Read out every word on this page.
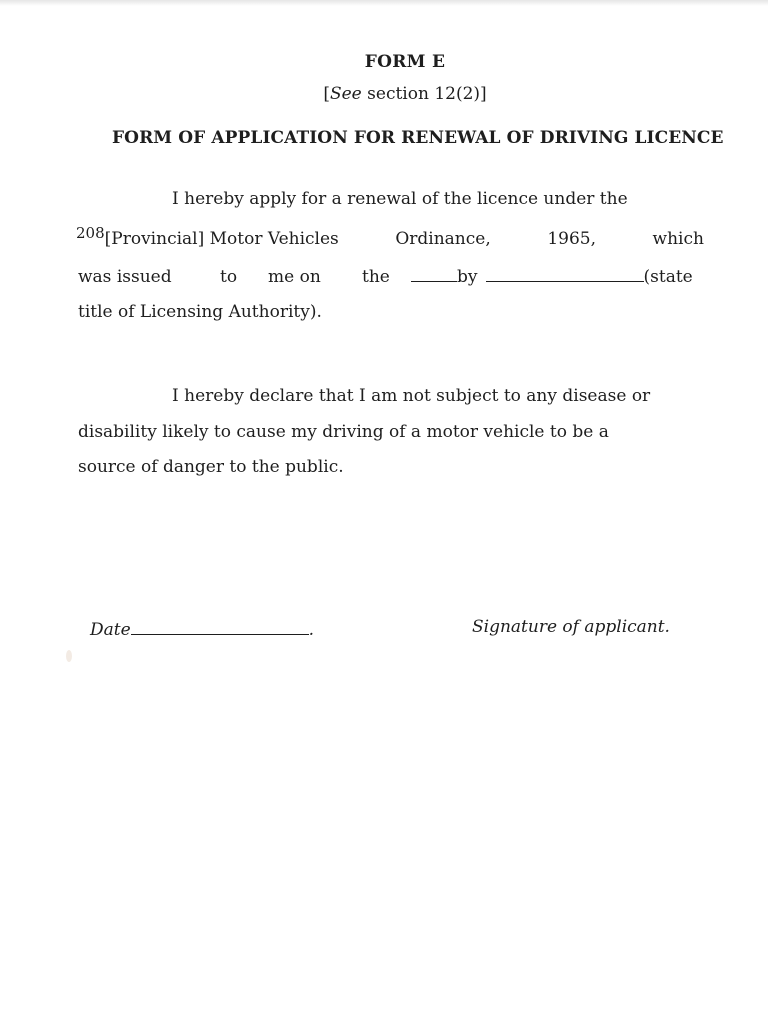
FORM E
[See section 12(2)]
FORM OF APPLICATION FOR RENEWAL OF DRIVING LICENCE
I hereby apply for a renewal of the licence under the
208[Provincial] Motor Vehicles	Ordinance,	1965,	which
was issued	to me on the	by	(state
title of Licensing Authority).
I hereby declare that I am not subject to any disease or
disability likely to cause my driving of a motor vehicle to be a
source of danger to the public.
Date	.	Signature of applicant.
